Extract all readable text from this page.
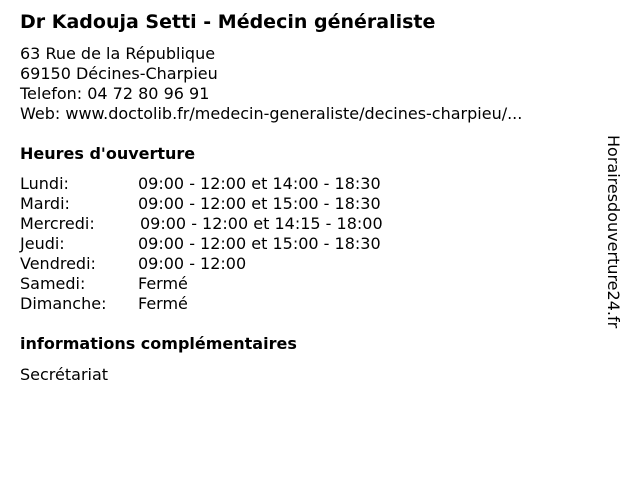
Dr Kadouja Setti - Médecin généraliste
63 Rue de la République
69150 Décines-Charpieu
Telefon: 04 72 80 96 91
Web: www.doctolib.fr/medecin-generaliste/decines-charpieu/...
Heures d'ouverture
Lundi:	09:00 - 12:00 et 14:00 - 18:30
Mardi:	09:00 - 12:00 et 15:00 - 18:30
Mercredi:	09:00 - 12:00 et 14:15 - 18:00
Jeudi:	09:00 - 12:00 et 15:00 - 18:30
Vendredi:	09:00 - 12:00
Samedi:	Fermé
Dimanche: Fermé
informations complémentaires
Secrétariat
Horairesdouverture24.fr
